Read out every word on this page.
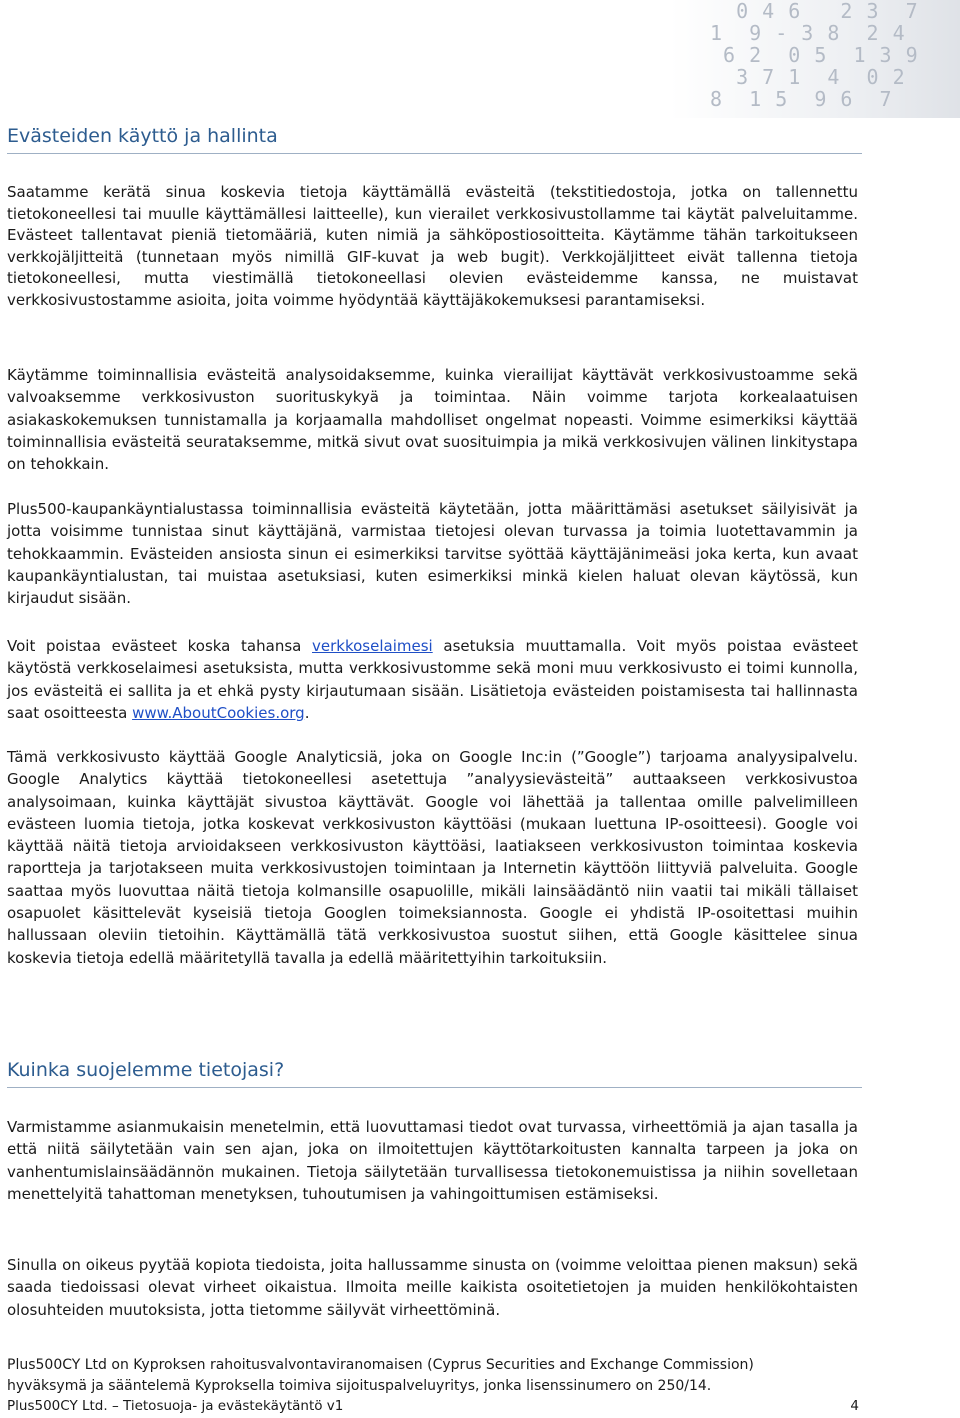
0 4 6   2 3  7
1  9 - 3 8  2 4
6 2  0 5  1 3 9
3 7 1  4  0 2
8  1 5  9 6  7
Evästeiden käyttö ja hallinta

Saatamme kerätä sinua koskevia tietoja käyttämällä evästeitä (tekstitiedostoja, jotka on tallennettu tietokoneellesi tai muulle käyttämällesi laitteelle), kun vierailet verkkosivustollamme tai käytät palveluitamme. Evästeet tallentavat pieniä tietomääriä, kuten nimiä ja sähköpostiosoitteita. Käytämme tähän tarkoitukseen verkkojäljitteitä (tunnetaan myös nimillä GIF-kuvat ja web bugit). Verkkojäljitteet eivät tallenna tietoja tietokoneellesi, mutta viestimällä tietokoneellasi olevien evästeidemme kanssa, ne muistavat verkkosivustostamme asioita, joita voimme hyödyntää käyttäjäkokemuksesi parantamiseksi.

Käytämme toiminnallisia evästeitä analysoidaksemme, kuinka vierailijat käyttävät verkkosivustoamme sekä valvoaksemme verkkosivuston suorituskykyä ja toimintaa. Näin voimme tarjota korkealaatuisen asiakaskokemuksen tunnistamalla ja korjaamalla mahdolliset ongelmat nopeasti. Voimme esimerkiksi käyttää toiminnallisia evästeitä seurataksemme, mitkä sivut ovat suosituimpia ja mikä verkkosivujen välinen linkitystapa on tehokkain.

Plus500-kaupankäyntialustassa toiminnallisia evästeitä käytetään, jotta määrittämäsi asetukset säilyisivät ja jotta voisimme tunnistaa sinut käyttäjänä, varmistaa tietojesi olevan turvassa ja toimia luotettavammin ja tehokkaammin. Evästeiden ansiosta sinun ei esimerkiksi tarvitse syöttää käyttäjänimeäsi joka kerta, kun avaat kaupankäyntialustan, tai muistaa asetuksiasi, kuten esimerkiksi minkä kielen haluat olevan käytössä, kun kirjaudut sisään.

Voit poistaa evästeet koska tahansa verkkoselaimesi asetuksia muuttamalla. Voit myös poistaa evästeet käytöstä verkkoselaimesi asetuksista, mutta verkkosivustomme sekä moni muu verkkosivusto ei toimi kunnolla, jos evästeitä ei sallita ja et ehkä pysty kirjautumaan sisään. Lisätietoja evästeiden poistamisesta tai hallinnasta saat osoitteesta www.AboutCookies.org.

Tämä verkkosivusto käyttää Google Analyticsiä, joka on Google Inc:in (”Google”) tarjoama analyysipalvelu. Google Analytics käyttää tietokoneellesi asetettuja ”analyysievästeitä” auttaakseen verkkosivustoa analysoimaan, kuinka käyttäjät sivustoa käyttävät. Google voi lähettää ja tallentaa omille palvelimilleen evästeen luomia tietoja, jotka koskevat verkkosivuston käyttöäsi (mukaan luettuna IP-osoitteesi). Google voi käyttää näitä tietoja arvioidakseen verkkosivuston käyttöäsi, laatiakseen verkkosivuston toimintaa koskevia raportteja ja tarjotakseen muita verkkosivustojen toimintaan ja Internetin käyttöön liittyviä palveluita. Google saattaa myös luovuttaa näitä tietoja kolmansille osapuolille, mikäli lainsäädäntö niin vaatii tai mikäli tällaiset osapuolet käsittelevät kyseisiä tietoja Googlen toimeksiannosta. Google ei yhdistä IP-osoitettasi muihin hallussaan oleviin tietoihin. Käyttämällä tätä verkkosivustoa suostut siihen, että Google käsittelee sinua koskevia tietoja edellä määritetyllä tavalla ja edellä määritettyihin tarkoituksiin.

Kuinka suojelemme tietojasi?

Varmistamme asianmukaisin menetelmin, että luovuttamasi tiedot ovat turvassa, virheettömiä ja ajan tasalla ja että niitä säilytetään vain sen ajan, joka on ilmoitettujen käyttötarkoitusten kannalta tarpeen ja joka on vanhentumislainsäädännön mukainen. Tietoja säilytetään turvallisessa tietokonemuistissa ja niihin sovelletaan menettelyitä tahattoman menetyksen, tuhoutumisen ja vahingoittumisen estämiseksi.

Sinulla on oikeus pyytää kopiota tiedoista, joita hallussamme sinusta on (voimme veloittaa pienen maksun) sekä saada tiedoissasi olevat virheet oikaistua. Ilmoita meille kaikista osoitetietojen ja muiden henkilökohtaisten olosuhteiden muutoksista, jotta tietomme säilyvät virheettöminä.

Plus500CY Ltd on Kyproksen rahoitusvalvontaviranomaisen (Cyprus Securities and Exchange Commission)
hyväksymä ja sääntelemä Kyproksella toimiva sijoituspalveluyritys, jonka lisenssinumero on 250/14.
Plus500CY Ltd. – Tietosuoja- ja evästekäytäntö v1	4
